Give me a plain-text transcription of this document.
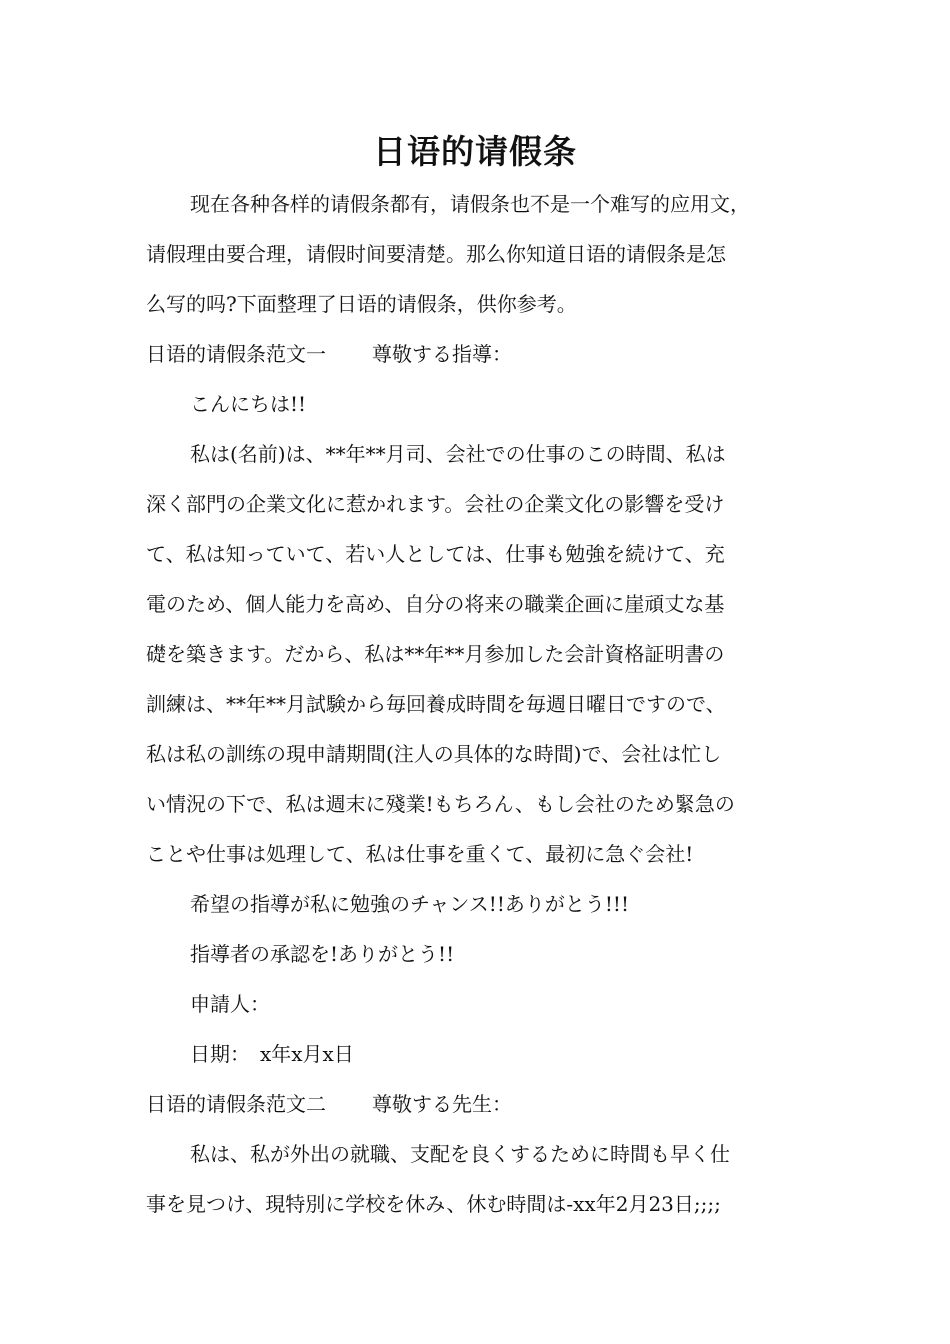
日语的请假条
现在各种各样的请假条都有，请假条也不是一个难写的应用文，
请假理由要合理，请假时间要清楚。那么你知道日语的请假条是怎
么写的吗?下面整理了日语的请假条，供你参考。
日语的请假条范文一 尊敬する指導：
こんにちは!!
私は(名前)は、**年**月司、会社での仕事のこの時間、私は
深く部門の企業文化に惹かれます。会社の企業文化の影響を受け
て、私は知っていて、若い人としては、仕事も勉強を続けて、充
電のため、個人能力を高め、自分の将来の職業企画に崖頑丈な基
礎を築きます。だから、私は**年**月参加した会計資格証明書の
訓練は、**年**月試験から毎回養成時間を毎週日曜日ですので、
私は私の訓练の現申請期間(注人の具体的な時間)で、会社は忙し
い情況の下で、私は週末に殘業!もちろん、もし会社のため緊急の
ことや仕事は処理して、私は仕事を重くて、最初に急ぐ会社!
希望の指導が私に勉強のチャンス!!ありがとう!!!
指導者の承認を!ありがとう!!
申請人：
日期：　x年x月x日
日语的请假条范文二 尊敬する先生：
私は、私が外出の就職、支配を良くするために時間も早く仕
事を見つけ、現特別に学校を休み、休む時間は-xx年2月23日;;;;
